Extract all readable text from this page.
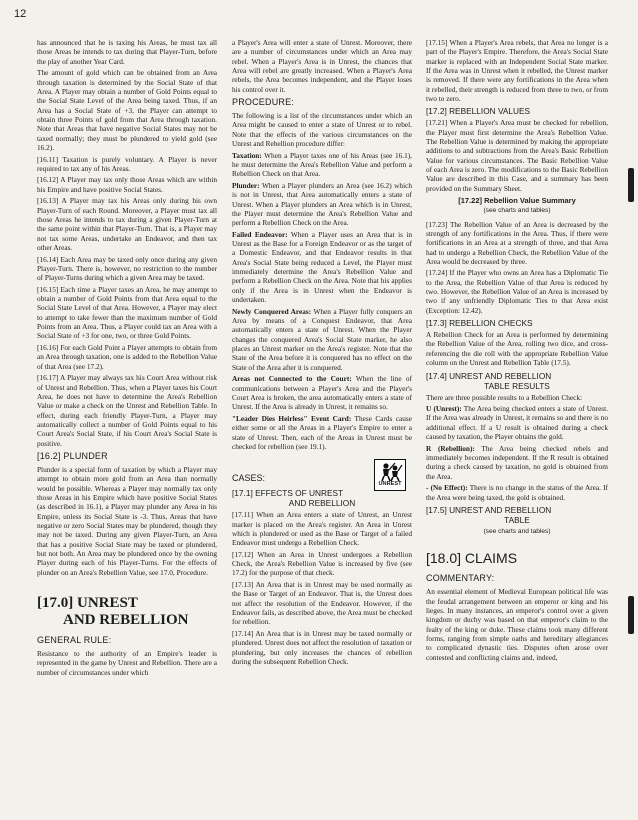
12

has announced that he is taxing his Areas, he must tax all those Areas he intends to tax during that Player-Turn, before the play of another Year Card.

The amount of gold which can be obtained from an Area through taxation is determined by the Social State of that Area. A Player may obtain a number of Gold Points equal to the Social State Level of the Area being taxed. Thus, if an Area has a Social State of +3, the Player can attempt to obtain three Points of gold from that Area through taxation. Note that Areas that have negative Social States may not be taxed normally; they must be plundered to yield gold (see 16.2).

[16.11] Taxation is purely voluntary. A Player is never required to tax any of his Areas.

[16.12] A Player may tax only those Areas which are within his Empire and have positive Social States.

[16.13] A Player may tax his Areas only during his own Player-Turn of each Round. Moreover, a Player must tax all those Areas he intends to tax during a given Player-Turn at the same point within that Player-Turn. That is, a Player may not tax some Areas, undertake an Endeavor, and then tax other Areas.

[16.14] Each Area may be taxed only once during any given Player-Turn. There is, however, no restriction to the number of Player-Turns during which a given Area may be taxed.

[16.15] Each time a Player taxes an Area, he may attempt to obtain a number of Gold Points from that Area equal to the Social State Level of that Area. However, a Player may elect to attempt to take fewer than the maximum number of Gold Points from an Area. Thus, a Player could tax an Area with a Social State of +3 for one, two, or three Gold Points.

[16.16] For each Gold Point a Player attempts to obtain from an Area through taxation, one is added to the Rebellion Value of that Area (see 17.2).

[16.17] A Player may always tax his Court Area without risk of Unrest and Rebellion. Thus, when a Player taxes his Court Area, he does not have to determine the Area's Rebellion Value or make a check on the Unrest and Rebellion Table. In effect, during each friendly Player-Turn, a Player may automatically collect a number of Gold Points equal to his Court Area's Social State, if his Court Area's Social State is positive.

[16.2] PLUNDER

Plunder is a special form of taxation by which a Player may attempt to obtain more gold from an Area than normally would be possible. Whereas a Player may normally tax only those Areas in his Empire which have positive Social States (as described in 16.1), a Player may plunder any Area in his Empire, unless its Social State is -3. Thus, Areas that have negative or zero Social States may be plundered, though they may not be taxed. During any given Player-Turn, an Area that has a positive Social State may be taxed or plundered, but not both. An Area may be plundered once by the owning Player during each of his Player-Turns. For the effects of plunder on an Area's Rebellion Value, see 17.0, Procedure.

[17.0] UNREST
AND REBELLION
GENERAL RULE:

Resistance to the authority of an Empire's leader is represented in the game by Unrest and Rebellion. There are a number of circumstances under which

a Player's Area will enter a state of Unrest. Moreover, there are a number of circumstances under which an Area may rebel. When a Player's Area is in Unrest, the chances that Area will rebel are greatly increased. When a Player's Area rebels, the Area becomes independent, and the Player loses his control over it.

PROCEDURE:

The following is a list of the circumstances under which an Area might be caused to enter a state of Unrest or to rebel. Note that the effects of the various circumstances on the Unrest and Rebellion procedure differ:

Taxation: When a Player taxes one of his Areas (see 16.1), he must determine the Area's Rebellion Value and perform a Rebellion Check on that Area.

Plunder: When a Player plunders an Area (see 16.2) which is not in Unrest, that Area automatically enters a state of Unrest. When a Player plunders an Area which is in Unrest, the Player must determine the Area's Rebellion Value and perform a Rebellion Check on the Area.

Failed Endeavor: When a Player uses an Area that is in Unrest as the Base for a Foreign Endeavor or as the target of a Domestic Endeavor, and that Endeavor results in that Area's Social State being reduced a Level, the Player must immediately determine the Area's Rebellion Value and perform a Rebellion Check on the Area. Note that his applies only if the Area is in Unrest when the Endeavor is undertaken.

Newly Conquered Areas: When a Player fully conquers an Area by means of a Conquest Endeavor, that Area automatically enters a state of Unrest. When the Player changes the conquered Area's Social State marker, he also places an Unrest marker on the Area's register. Note that the State of the Area before it is conquered has no effect on the State of the Area after it is conquered.

Areas not Connected to the Court: When the line of communications between a Player's Area and the Player's Court Area is broken, the area automatically enters a state of Unrest. If the Area is already in Unrest, it remains so.

"Leader Dies Heirless" Event Card: These Cards cause either some or all the Areas in a Player's Empire to enter a state of Unrest. Then, each of the Areas in Unrest must be checked for rebellion (see 19.1).

CASES:
UNREST
[17.1] EFFECTS OF UNREST
AND REBELLION

[17.11] When an Area enters a state of Unrest, an Unrest marker is placed on the Area's register. An Area in Unrest which is plundered or used as the Base or Target of a failed Endeavor must undergo a Rebellion Check.

[17.12] When an Area in Unrest undergoes a Rebellion Check, the Area's Rebellion Value is increased by five (see 17.2) for the purpose of that check.

[17.13] An Area that is in Unrest may be used normally as the Base or Target of an Endeavor. That is, the Unrest does not affect the resolution of the Endeavor. However, if the Endeavor fails, as described above, the Area must be checked for rebellion.

[17.14] An Area that is in Unrest may be taxed normally or plundered. Unrest does not affect the resolution of taxation or plundering, but only increases the chances of rebellion during the subsequent Rebellion Check.

[17.15] When a Player's Area rebels, that Area no longer is a part of the Player's Empire. Therefore, the Area's Social State marker is replaced with an Independent Social State marker. If the Area was in Unrest when it rebelled, the Unrest marker is removed. If there were any fortifications in the Area when it rebelled, their strength is reduced from three to two, or from two to zero.

[17.2] REBELLION VALUES

[17.21] When a Player's Area must be checked for rebellion, the Player must first determine the Area's Rebellion Value. The Rebellion Value is determined by making the appropriate additions to and subtractions from the Area's Basic Rebellion Value for various circumstances. The Basic Rebellion Value of each Area is zero. The modifications to the Basic Rebellion Value are described in this Case, and a summary has been provided on the Summary Sheet.

[17.22] Rebellion Value Summary
(see charts and tables)

[17.23] The Rebellion Value of an Area is decreased by the strength of any fortifications in the Area. Thus, if there were fortifications in an Area at a strength of three, and that Area had to undergo a Rebellion Check, the Rebellion Value of the Area would be decreased by three.

[17.24] If the Player who owns an Area has a Diplomatic Tie to the Area, the Rebellion Value of that Area is reduced by two. However, the Rebellion Value of an Area is increased by two if any unfriendly Diplomatic Ties to that Area exist (Exception: 12.42).

[17.3] REBELLION CHECKS

A Rebellion Check for an Area is performed by determining the Rebellion Value of the Area, rolling two dice, and cross-referencing the die roll with the appropriate Rebellion Value column on the Unrest and Rebellion Table (17.5).

[17.4] UNREST AND REBELLION
TABLE RESULTS

There are three possible results to a Rebellion Check:

U (Unrest): The Area being checked enters a state of Unrest. If the Area was already in Unrest, it remains so and there is no additional effect. If a U result is obtained during a check caused by taxation, the Player obtains the gold.

R (Rebellion): The Area being checked rebels and immediately becomes independent. If the R result is obtained during a check caused by taxation, no gold is obtained from the Area.

- (No Effect): There is no change in the status of the Area. If the Area were being taxed, the gold is obtained.

[17.5] UNREST AND REBELLION
TABLE
(see charts and tables)
[18.0] CLAIMS
COMMENTARY:

An essential element of Medieval European political life was the feudal arrangement between an emperor or king and his lieges. In many instances, an emperor's control over a given kingdom or duchy was based on that emperor's claim to the fealty of the king or duke. These claims took many different forms, ranging from simple oaths and hereditary allegiances to complicated dynastic ties. Disputes often arose over contested and conflicting claims and, indeed,
